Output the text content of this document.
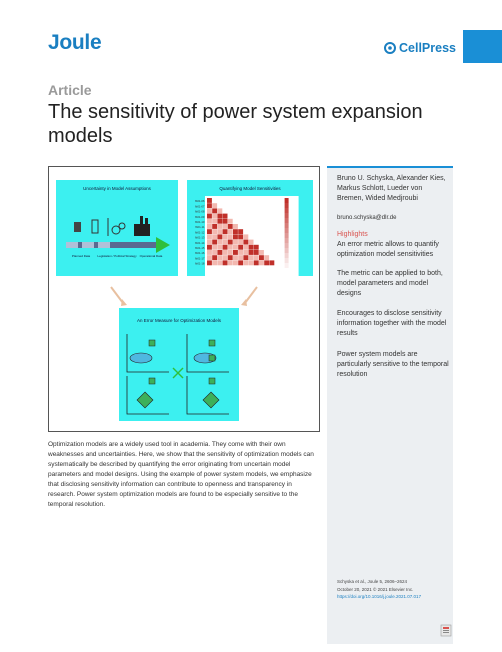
Joule	CellPress
Article
The sensitivity of power system expansion models
Uncertainty in Model Assumptions
Planned Data	Legislation / Political Strategy	Operational Data
Quantifying Model Sensitivities
fb01-06
fb01-07
fb01-08
fb01-09
fb01-10
fb01-11
fb01-12
fb01-13
fb01-14
fb01-15
fb01-16
fb01-17
fb01-18
An Error Measure for Optimization Models
Bruno U. Schyska, Alexander Kies, Markus Schlott, Lueder von Bremen, Wided Medjroubi
bruno.schyska@dlr.de
Highlights
An error metric allows to quantify optimization model sensitivities
The metric can be applied to both, model parameters and model designs
Encourages to disclose sensitivity information together with the model results
Power system models are particularly sensitive to the temporal resolution
Optimization models are a widely used tool in academia. They come with their own weaknesses and uncertainties. Here, we show that the sensitivity of optimization models can systematically be described by quantifying the error originating from uncertain model parameters and model designs. Using the example of power system models, we emphasize that disclosing sensitivity information can contribute to openness and transparency in research. Power system optimization models are found to be especially sensitive to the temporal resolution.
Schyska et al., Joule 5, 2606–2624
October 20, 2021 © 2021 Elsevier Inc.
https://doi.org/10.1016/j.joule.2021.07.017
